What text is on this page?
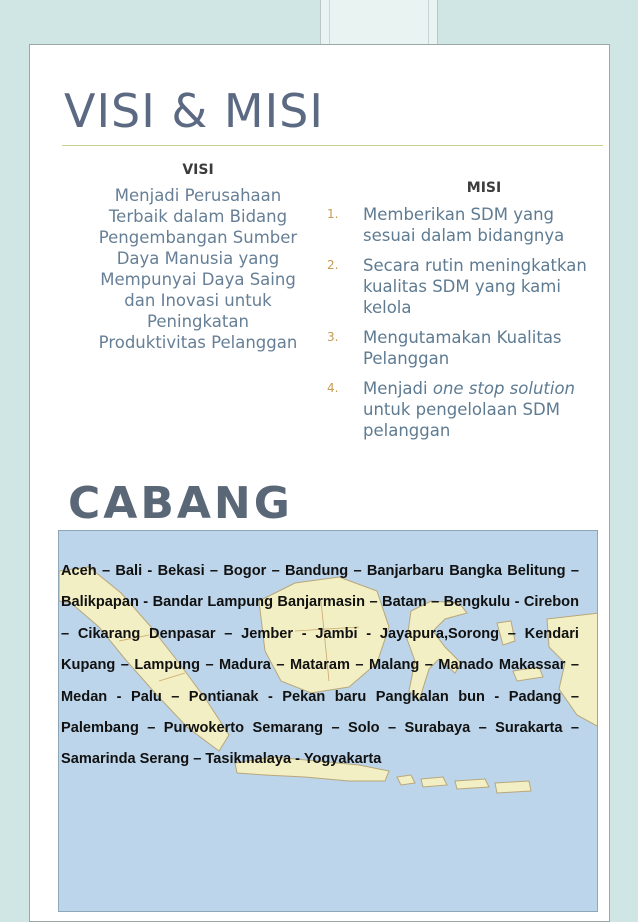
VISI & MISI
VISI
Menjadi Perusahaan Terbaik dalam Bidang Pengembangan Sumber Daya Manusia yang Mempunyai Daya Saing dan Inovasi untuk Peningkatan Produktivitas Pelanggan
MISI
1.	Memberikan SDM yang sesuai dalam bidangnya
2.	Secara rutin meningkatkan kualitas SDM yang kami kelola
3.	Mengutamakan Kualitas Pelanggan
4.	Menjadi one stop solution untuk pengelolaan SDM pelanggan
CABANG

Aceh – Bali - Bekasi – Bogor – Bandung – Banjarbaru Bangka Belitung – Balikpapan - Bandar Lampung Banjarmasin – Batam – Bengkulu - Cirebon – Cikarang Denpasar – Jember - Jambi - Jayapura,Sorong – Kendari Kupang – Lampung – Madura – Mataram – Malang – Manado Makassar – Medan - Palu – Pontianak - Pekan baru Pangkalan bun - Padang – Palembang – Purwokerto Semarang – Solo – Surabaya – Surakarta – Samarinda Serang – Tasikmalaya - Yogyakarta
